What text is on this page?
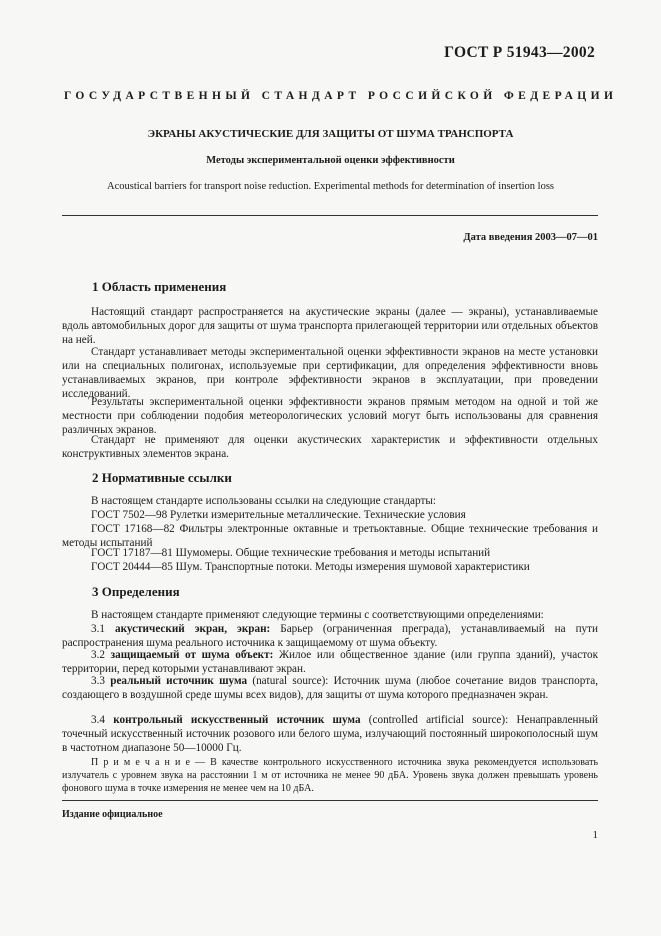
ГОСТ Р 51943—2002
ГОСУДАРСТВЕННЫЙ СТАНДАРТ РОССИЙСКОЙ ФЕДЕРАЦИИ
ЭКРАНЫ АКУСТИЧЕСКИЕ ДЛЯ ЗАЩИТЫ ОТ ШУМА ТРАНСПОРТА
Методы экспериментальной оценки эффективности
Acoustical barriers for transport noise reduction. Experimental methods for determination of insertion loss
Дата введения 2003—07—01
1 Область применения
Настоящий стандарт распространяется на акустические экраны (далее — экраны), устанавливаемые вдоль автомобильных дорог для защиты от шума транспорта прилегающей территории или отдельных объектов на ней.
Стандарт устанавливает методы экспериментальной оценки эффективности экранов на месте установки или на специальных полигонах, используемые при сертификации, для определения эффективности вновь устанавливаемых экранов, при контроле эффективности экранов в эксплуатации, при проведении исследований.
Результаты экспериментальной оценки эффективности экранов прямым методом на одной и той же местности при соблюдении подобия метеорологических условий могут быть использованы для сравнения различных экранов.
Стандарт не применяют для оценки акустических характеристик и эффективности отдельных конструктивных элементов экрана.
2 Нормативные ссылки
В настоящем стандарте использованы ссылки на следующие стандарты:
ГОСТ 7502—98 Рулетки измерительные металлические. Технические условия
ГОСТ 17168—82 Фильтры электронные октавные и третьоктавные. Общие технические требования и методы испытаний
ГОСТ 17187—81 Шумомеры. Общие технические требования и методы испытаний
ГОСТ 20444—85 Шум. Транспортные потоки. Методы измерения шумовой характеристики
3 Определения
В настоящем стандарте применяют следующие термины с соответствующими определениями:
3.1 акустический экран, экран: Барьер (ограниченная преграда), устанавливаемый на пути распространения шума реального источника к защищаемому от шума объекту.
3.2 защищаемый от шума объект: Жилое или общественное здание (или группа зданий), участок территории, перед которыми устанавливают экран.
3.3 реальный источник шума (natural source): Источник шума (любое сочетание видов транспорта, создающего в воздушной среде шумы всех видов), для защиты от шума которого предназначен экран.
3.4 контрольный искусственный источник шума (controlled artificial source): Ненаправленный точечный искусственный источник розового или белого шума, излучающий постоянный широкополосный шум в частотном диапазоне 50—10000 Гц.
П р и м е ч а н и е — В качестве контрольного искусственного источника звука рекомендуется использовать излучатель с уровнем звука на расстоянии 1 м от источника не менее 90 дБА. Уровень звука должен превышать уровень фонового шума в точке измерения не менее чем на 10 дБА.
Издание официальное
1
